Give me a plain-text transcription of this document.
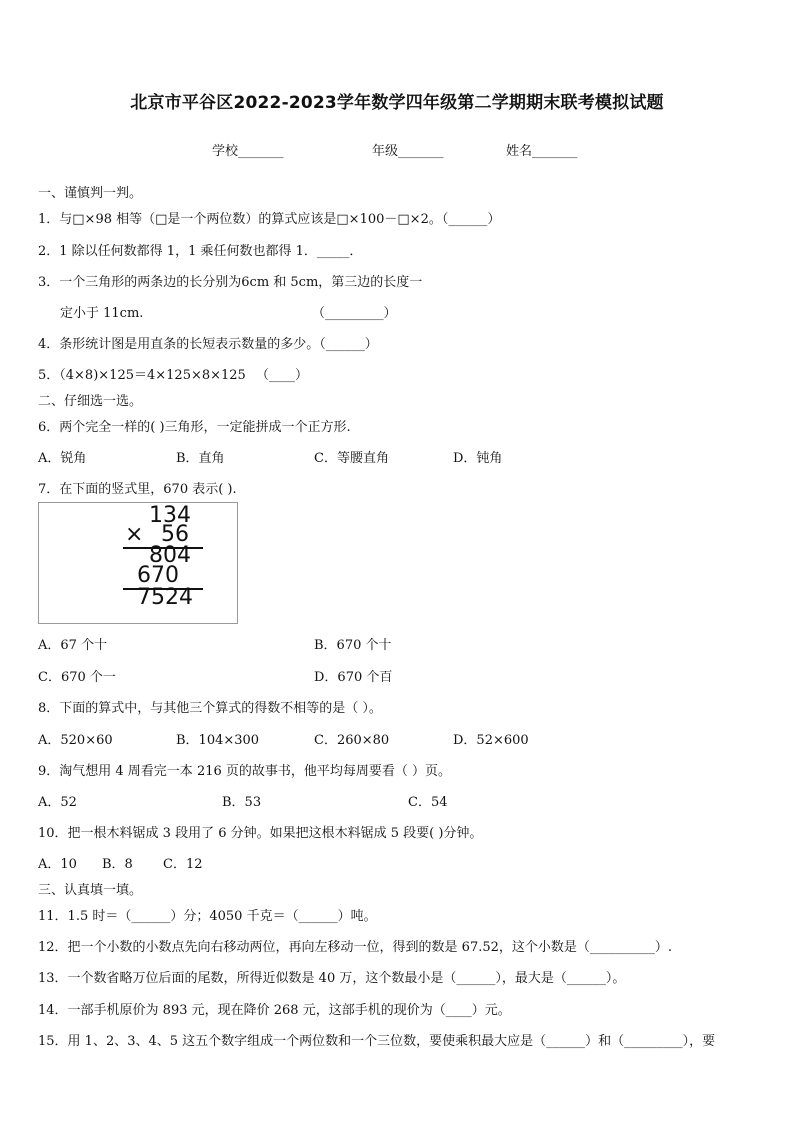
北京市平谷区2022-2023学年数学四年级第二学期期末联考模拟试题
学校_______	年级_______	姓名_______
一、谨慎判一判。
1．与□×98 相等（□是一个两位数）的算式应该是□×100－□×2。（______）
2．1 除以任何数都得 1，1 乘任何数也都得 1．_____．
3．一个三角形的两条边的长分别为6cm 和 5cm，第三边的长度一
定小于 11cm.	（_________）
4．条形统计图是用直条的长短表示数量的多少。（______）
5．（4×8)×125＝4×125×8×125 （____）
二、仔细选一选。
6．两个完全一样的( )三角形，一定能拼成一个正方形.
A．锐角	B．直角	C．等腰直角	D．钝角
7．在下面的竖式里，670 表示( ).
134
× 56
804
670
7524
A．67 个十	B．670 个十
C．670 个一	D．670 个百
8．下面的算式中，与其他三个算式的得数不相等的是（ ）。
A．520×60	B．104×300	C．260×80	D．52×600
9．淘气想用 4 周看完一本 216 页的故事书，他平均每周要看（ ）页。
A．52	B．53	C．54
10．把一根木料锯成 3 段用了 6 分钟。如果把这根木料锯成 5 段要( )分钟。
A．10 B．8 C．12
三、认真填一填。
11．1.5 时＝（______）分；4050 千克＝（______）吨。
12．把一个小数的小数点先向右移动两位，再向左移动一位，得到的数是 67.52，这个小数是（__________）.
13．一个数省略万位后面的尾数，所得近似数是 40 万，这个数最小是（______），最大是（______）。
14．一部手机原价为 893 元，现在降价 268 元，这部手机的现价为（____）元。
15．用 1、2、3、4、5 这五个数字组成一个两位数和一个三位数，要使乘积最大应是（______）和（_________），要
